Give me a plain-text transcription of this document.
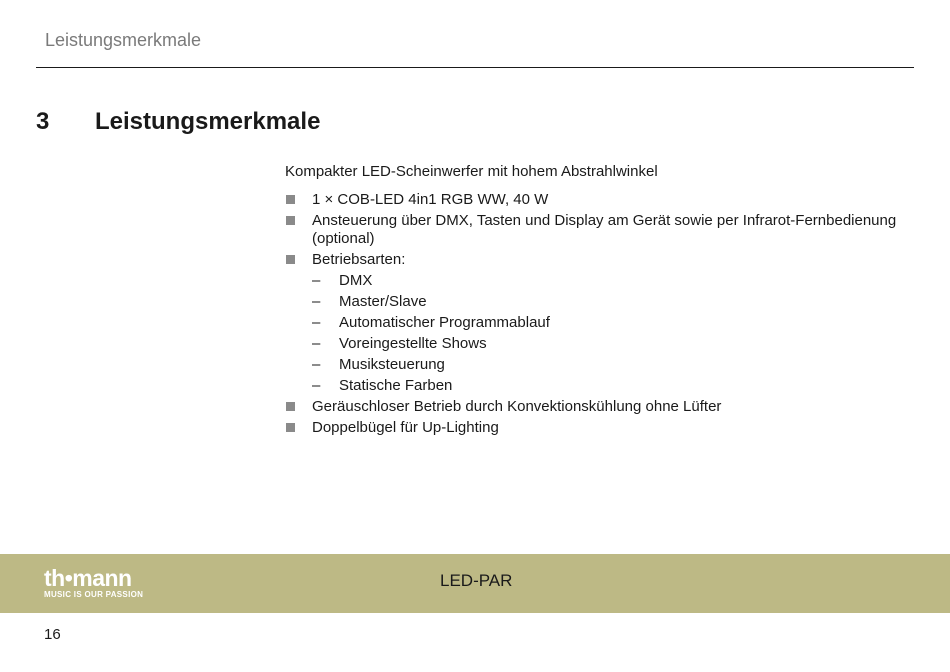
Leistungsmerkmale
3 Leistungsmerkmale

Kompakter LED-Scheinwerfer mit hohem Abstrahlwinkel

1 × COB-LED 4in1 RGB WW, 40 W
Ansteuerung über DMX, Tasten und Display am Gerät sowie per Infrarot-Fernbedienung (optional)
Betriebsarten:
– DMX
– Master/Slave
– Automatischer Programmablauf
– Voreingestellte Shows
– Musiksteuerung
– Statische Farben
Geräuschloser Betrieb durch Konvektionskühlung ohne Lüfter
Doppelbügel für Up-Lighting
th•mann
MUSIC IS OUR PASSION
LED-PAR
16
